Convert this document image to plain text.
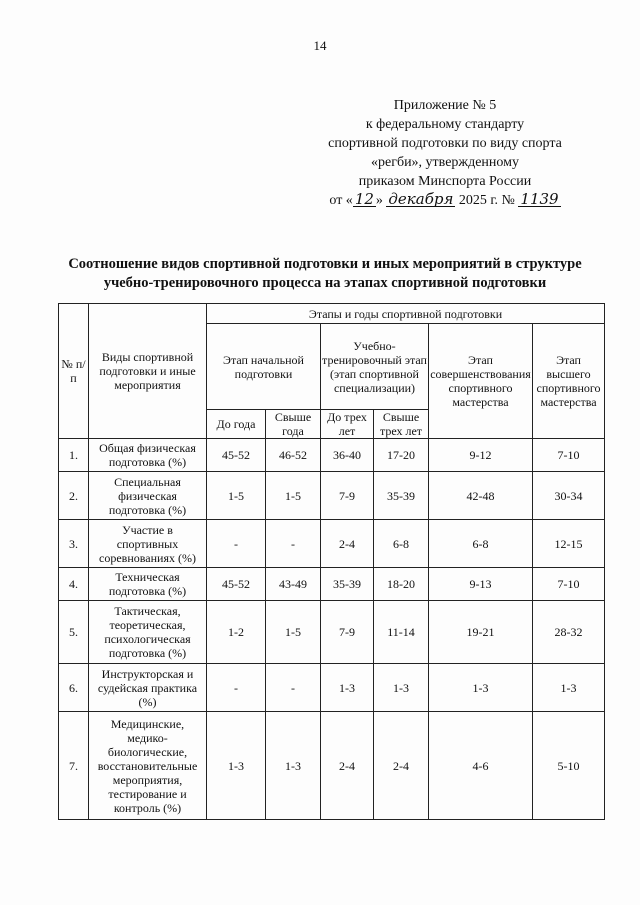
14
Приложение № 5
к федеральному стандарту
спортивной подготовки по виду спорта
«регби», утвержденному
приказом Минспорта России
от « 12 » декабря 2025 г. № 1139
Соотношение видов спортивной подготовки и иных мероприятий в структуре
учебно-тренировочного процесса на этапах спортивной подготовки
№ п/п	Виды спортивной подготовки и иные мероприятия	Этапы и годы спортивной подготовки					
		Этап начальной подготовки		Учебно-тренировочный этап (этап спортивной специализации)		Этап совершенствования спортивного мастерства	Этап высшего спортивного мастерства
		До года	Свыше года	До трех лет	Свыше трех лет		
1.	Общая физическая подготовка (%)	45-52	46-52	36-40	17-20	9-12	7-10
2.	Специальная физическая подготовка (%)	1-5	1-5	7-9	35-39	42-48	30-34
3.	Участие в спортивных соревнованиях (%)	-	-	2-4	6-8	6-8	12-15
4.	Техническая подготовка (%)	45-52	43-49	35-39	18-20	9-13	7-10
5.	Тактическая, теоретическая, психологическая подготовка (%)	1-2	1-5	7-9	11-14	19-21	28-32
6.	Инструкторская и судейская практика (%)	-	-	1-3	1-3	1-3	1-3
7.	Медицинские, медико-биологические, восстановительные мероприятия, тестирование и контроль (%)	1-3	1-3	2-4	2-4	4-6	5-10
